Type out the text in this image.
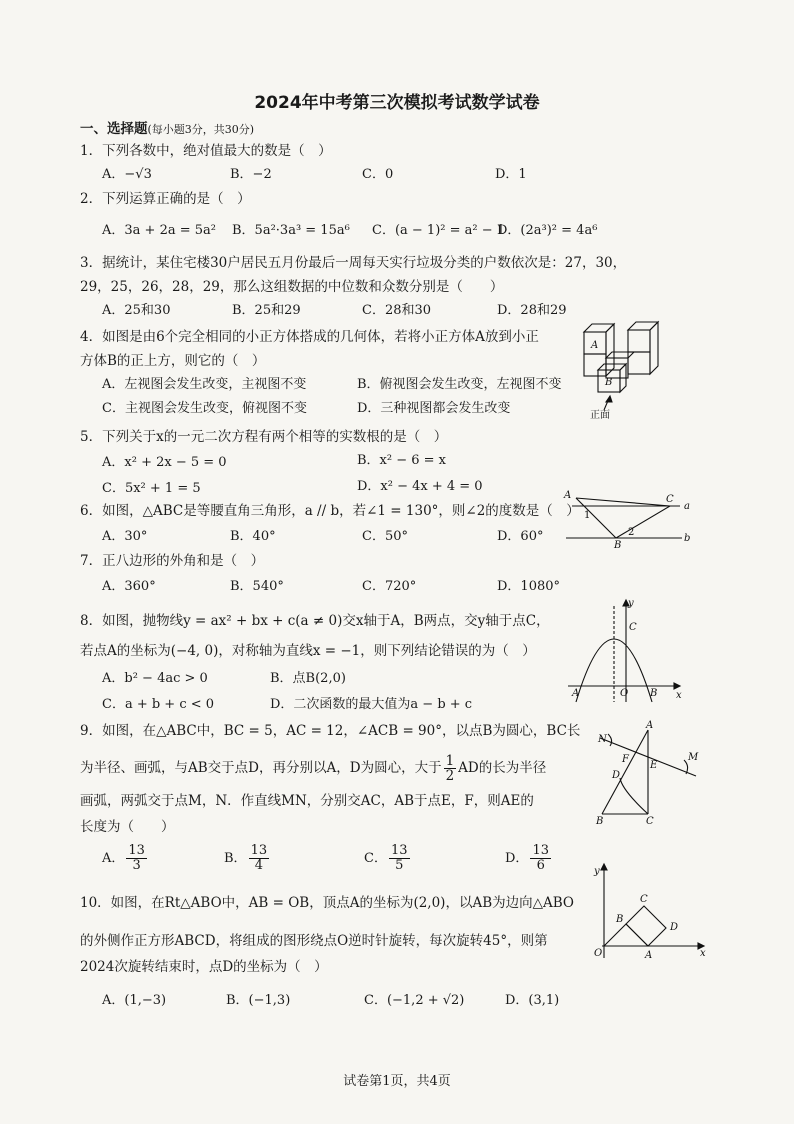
2024年中考第三次模拟考试数学试卷
一、选择题(每小题3分，共30分)
1．下列各数中，绝对值最大的数是（　）
A．−√3	B．−2	C．0	D．1
2．下列运算正确的是（　）
A．3a + 2a = 5a² B．5a²·3a³ = 15a⁶ C．(a − 1)² = a² − 1
D．(2a³)² = 4a⁶
3．据统计，某住宅楼30户居民五月份最后一周每天实行垃圾分类的户数依次是：27，30，
29，25，26，28，29，那么这组数据的中位数和众数分别是（　　）
A．25和30	B．25和29	C．28和30	D．28和29
4．如图是由6个完全相同的小正方体搭成的几何体，若将小正方体A放到小正
方体B的正上方，则它的（　）
A．左视图会发生改变，主视图不变	B．俯视图会发生改变，左视图不变
C．主视图会发生改变，俯视图不变	D．三种视图都会发生改变
A
B
正面
5．下列关于x的一元二次方程有两个相等的实数根的是（　）
A．x² + 2x − 5 = 0	B．x² − 6 = x
C．5x² + 1 = 5	D．x² − 4x + 4 = 0
6．如图，△ABC是等腰直角三角形，a // b，若∠1 = 130°，则∠2的度数是（　）
A．30°	B．40°	C．50°	D．60°
A
B
C
a
b
1
2
7．正八边形的外角和是（　）
A．360°	B．540°	C．720°	D．1080°
8．如图，抛物线y = ax² + bx + c(a ≠ 0)交x轴于A，B两点，交y轴于点C，
若点A的坐标为(−4, 0)，对称轴为直线x = −1，则下列结论错误的为（　）
A．b² − 4ac > 0	B．点B(2,0)
C．a + b + c < 0	D．二次函数的最大值为a − b + c
y
x
C
A	O B
9．如图，在△ABC中，BC = 5，AC = 12，∠ACB = 90°，以点B为圆心，BC长
为半径、画弧，与AB交于点D，再分别以A，D为圆心，大于 $\frac{1}{2}$ AD的长为半径
画弧，两弧交于点M，N．作直线MN，分别交AC，AB于点E，F，则AE的
长度为（　　）
A． $\frac{13}{3}$	B． $\frac{13}{4}$	C． $\frac{13}{5}$	D． $\frac{13}{6}$
N
A
M
F
E
D
B	C
10．如图，在Rt△ABO中，AB = OB，顶点A的坐标为(2,0)，以AB为边向△ABO
的外侧作正方形ABCD，将组成的图形绕点O逆时针旋转，每次旋转45°，则第
2024次旋转结束时，点D的坐标为（　）
A．(1,−3)	B．(−1,3)	C．(−1,2 + √2)	D．(3,1)
y
x
O	A
B
C
D
试卷第1页，共4页
